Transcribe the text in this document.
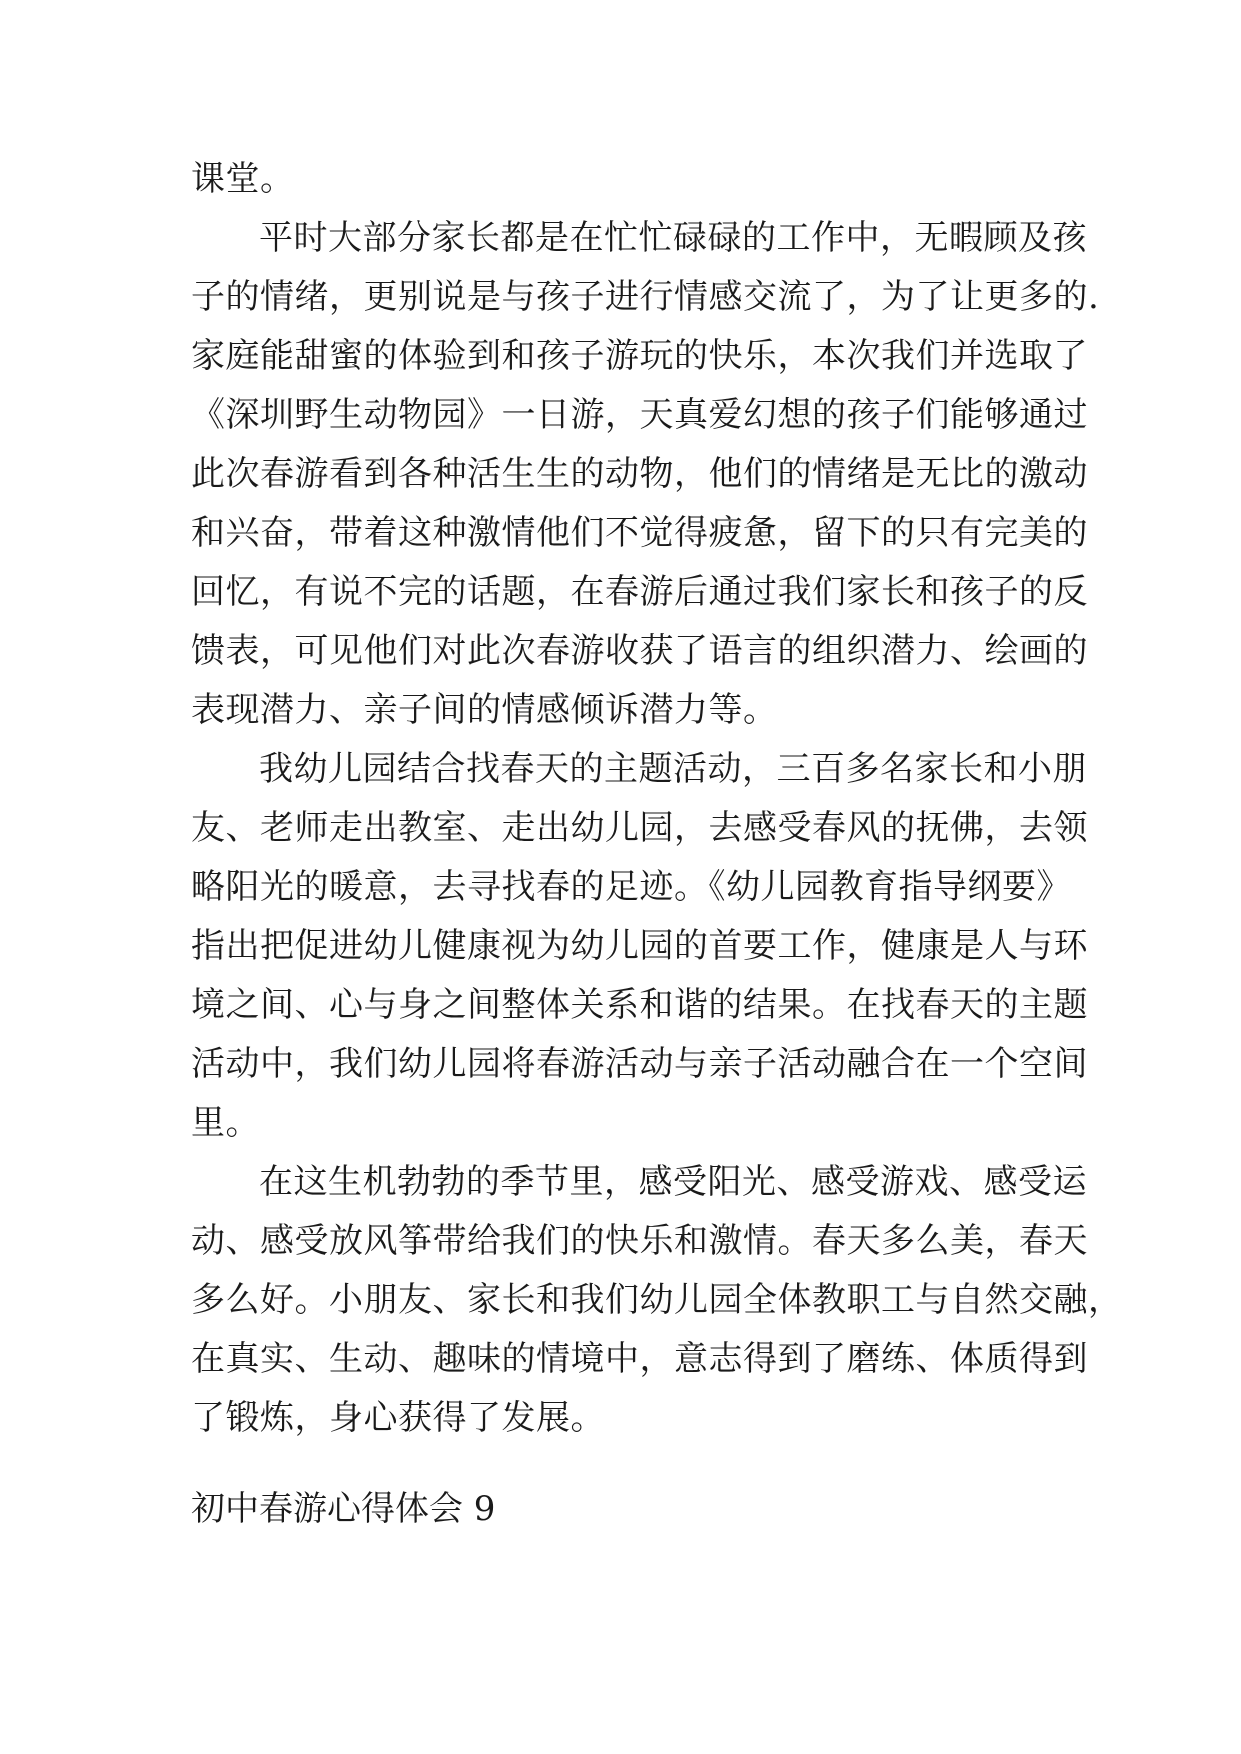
课堂。
平时大部分家长都是在忙忙碌碌的工作中，无暇顾及孩
子的情绪，更别说是与孩子进行情感交流了，为了让更多的.
家庭能甜蜜的体验到和孩子游玩的快乐，本次我们并选取了
《深圳野生动物园》一日游，天真爱幻想的孩子们能够通过
此次春游看到各种活生生的动物，他们的情绪是无比的激动
和兴奋，带着这种激情他们不觉得疲惫，留下的只有完美的
回忆，有说不完的话题，在春游后通过我们家长和孩子的反
馈表，可见他们对此次春游收获了语言的组织潜力、绘画的
表现潜力、亲子间的情感倾诉潜力等。
我幼儿园结合找春天的主题活动，三百多名家长和小朋
友、老师走出教室、走出幼儿园，去感受春风的抚佛，去领
略阳光的暖意，去寻找春的足迹。《幼儿园教育指导纲要》
指出把促进幼儿健康视为幼儿园的首要工作，健康是人与环
境之间、心与身之间整体关系和谐的结果。在找春天的主题
活动中，我们幼儿园将春游活动与亲子活动融合在一个空间
里。
在这生机勃勃的季节里，感受阳光、感受游戏、感受运
动、感受放风筝带给我们的快乐和激情。春天多么美，春天
多么好。小朋友、家长和我们幼儿园全体教职工与自然交融，
在真实、生动、趣味的情境中，意志得到了磨练、体质得到
了锻炼，身心获得了发展。
初中春游心得体会 9
